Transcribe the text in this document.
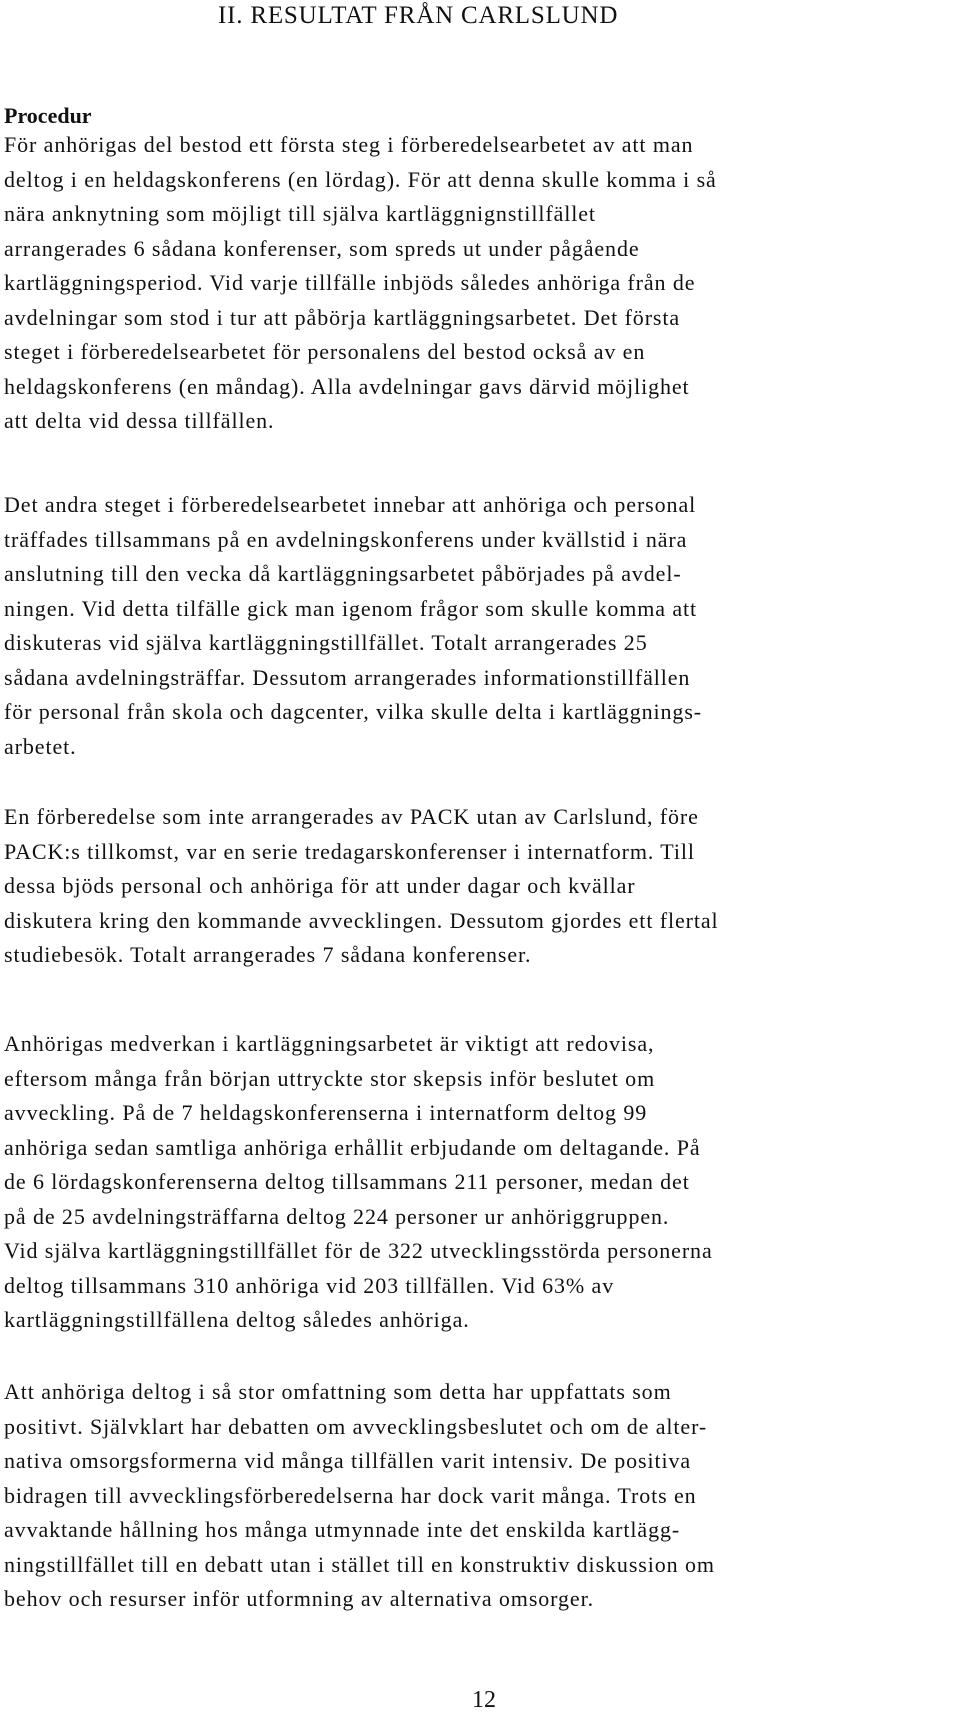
II. RESULTAT FRÅN CARLSLUND
Procedur

För anhörigas del bestod ett första steg i förberedelsearbetet av att man
deltog i en heldagskonferens (en lördag). För att denna skulle komma i så
nära anknytning som möjligt till själva kartläggnignstillfället
arrangerades 6 sådana konferenser, som spreds ut under pågående
kartläggningsperiod. Vid varje tillfälle inbjöds således anhöriga från de
avdelningar som stod i tur att påbörja kartläggningsarbetet. Det första
steget i förberedelsearbetet för personalens del bestod också av en
heldagskonferens (en måndag). Alla avdelningar gavs därvid möjlighet
att delta vid dessa tillfällen.

Det andra steget i förberedelsearbetet innebar att anhöriga och personal
träffades tillsammans på en avdelningskonferens under kvällstid i nära
anslutning till den vecka då kartläggningsarbetet påbörjades på avdel-
ningen. Vid detta tilfälle gick man igenom frågor som skulle komma att
diskuteras vid själva kartläggningstillfället. Totalt arrangerades 25
sådana avdelningsträffar. Dessutom arrangerades informationstillfällen
för personal från skola och dagcenter, vilka skulle delta i kartläggnings-
arbetet.

En förberedelse som inte arrangerades av PACK utan av Carlslund, före
PACK:s tillkomst, var en serie tredagarskonferenser i internatform. Till
dessa bjöds personal och anhöriga för att under dagar och kvällar
diskutera kring den kommande avvecklingen. Dessutom gjordes ett flertal
studiebesök. Totalt arrangerades 7 sådana konferenser.

Anhörigas medverkan i kartläggningsarbetet är viktigt att redovisa,
eftersom många från början uttryckte stor skepsis inför beslutet om
avveckling. På de 7 heldagskonferenserna i internatform deltog 99
anhöriga sedan samtliga anhöriga erhållit erbjudande om deltagande. På
de 6 lördagskonferenserna deltog tillsammans 211 personer, medan det
på de 25 avdelningsträffarna deltog 224 personer ur anhöriggruppen.
Vid själva kartläggningstillfället för de 322 utvecklingsstörda personerna
deltog tillsammans 310 anhöriga vid 203 tillfällen. Vid 63% av
kartläggningstillfällena deltog således anhöriga.

Att anhöriga deltog i så stor omfattning som detta har uppfattats som
positivt. Självklart har debatten om avvecklingsbeslutet och om de alter-
nativa omsorgsformerna vid många tillfällen varit intensiv. De positiva
bidragen till avvecklingsförberedelserna har dock varit många. Trots en
avvaktande hållning hos många utmynnade inte det enskilda kartlägg-
ningstillfället till en debatt utan i stället till en konstruktiv diskussion om
behov och resurser inför utformning av alternativa omsorger.

12
